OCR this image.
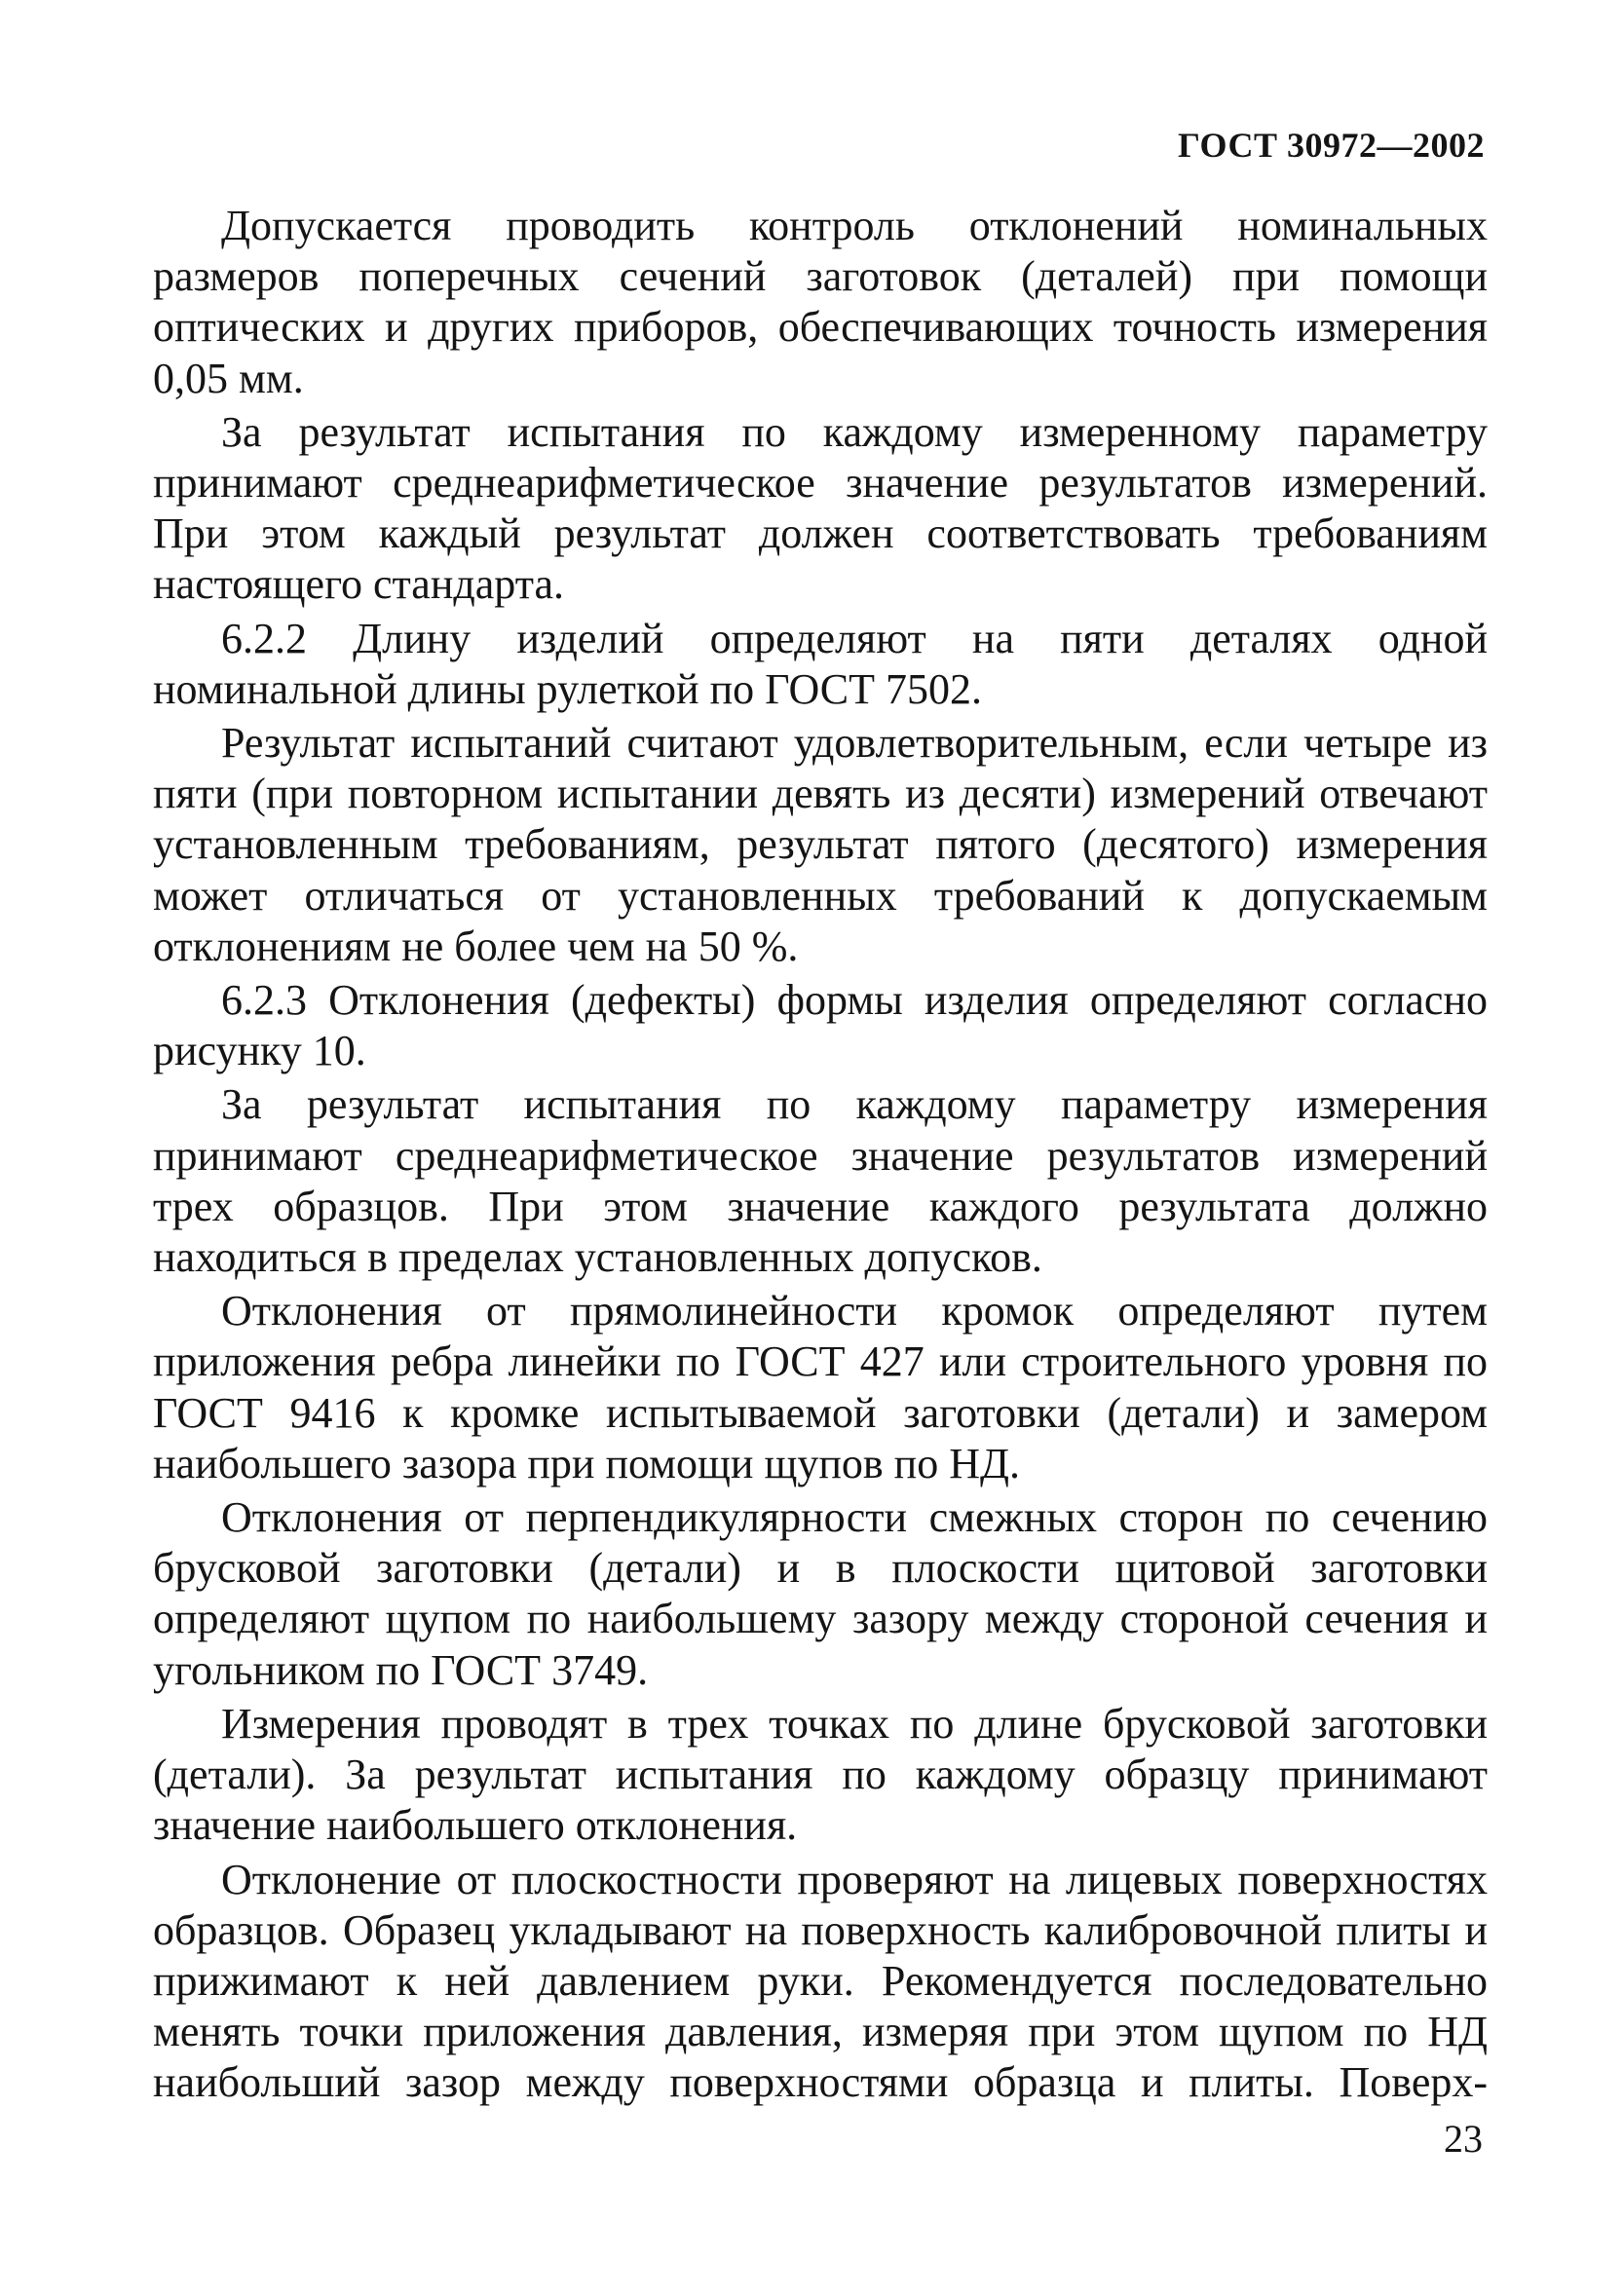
ГОСТ 30972—2002

Допускается проводить контроль отклонений номинальных размеров поперечных сечений заготовок (деталей) при помощи оптических и других приборов, обеспечивающих точность измерения 0,05 мм.

За результат испытания по каждому измеренному параметру принимают среднеарифметическое значение результатов измерений. При этом каждый результат должен соответствовать требованиям настоящего стандарта.

6.2.2 Длину изделий определяют на пяти деталях одной номинальной длины рулеткой по ГОСТ 7502.

Результат испытаний считают удовлетворительным, если четыре из пяти (при повторном испытании девять из десяти) измерений отвечают установленным требованиям, результат пятого (десятого) измерения может отличаться от установленных требований к допускаемым отклонениям не более чем на 50 %.

6.2.3 Отклонения (дефекты) формы изделия определяют согласно рисунку 10.

За результат испытания по каждому параметру измерения принимают среднеарифметическое значение результатов измерений трех образцов. При этом значение каждого результата должно находиться в пределах установленных допусков.

Отклонения от прямолинейности кромок определяют путем приложения ребра линейки по ГОСТ 427 или строительного уровня по ГОСТ 9416 к кромке испытываемой заготовки (детали) и замером наибольшего зазора при помощи щупов по НД.

Отклонения от перпендикулярности смежных сторон по сечению брусковой заготовки (детали) и в плоскости щитовой заготовки определяют щупом по наибольшему зазору между стороной сечения и угольником по ГОСТ 3749.

Измерения проводят в трех точках по длине брусковой заготовки (детали). За результат испытания по каждому образцу принимают значение наибольшего отклонения.

Отклонение от плоскостности проверяют на лицевых поверхностях образцов. Образец укладывают на поверхность калибровочной плиты и прижимают к ней давлением руки. Рекомендуется последовательно менять точки приложения давления, измеряя при этом щупом по НД наибольший зазор между поверхностями образца и плиты. Поверх-

23
